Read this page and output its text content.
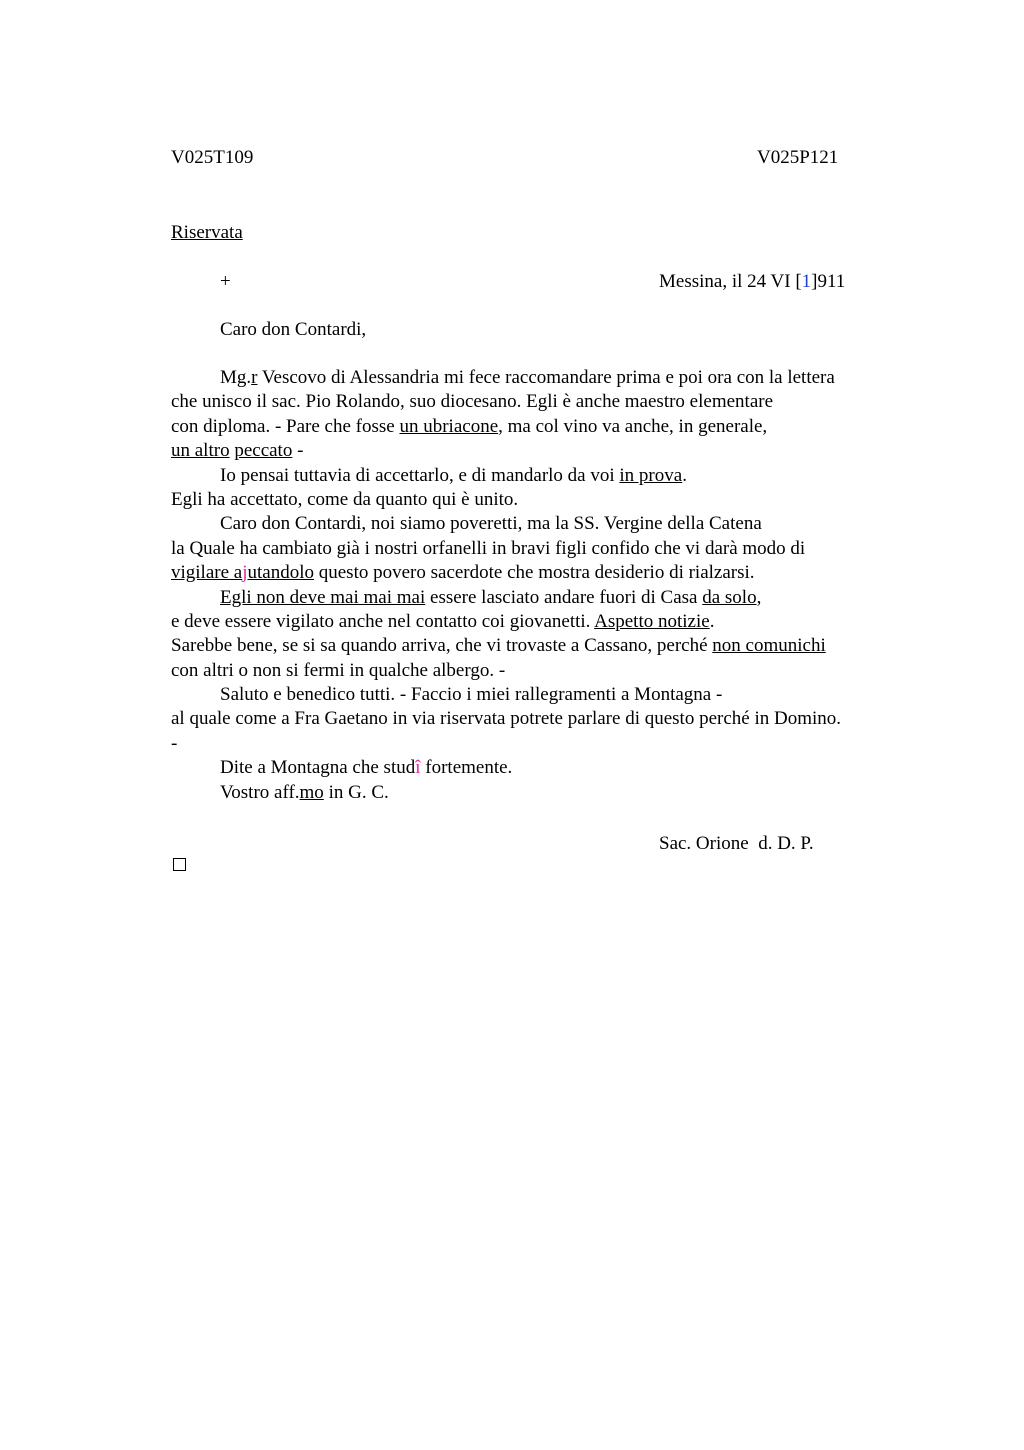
V025T109	V025P121
Riservata
+	Messina, il 24 VI [1]911
Caro don Contardi,
Mg.r Vescovo di Alessandria mi fece raccomandare prima e poi ora con la lettera
che unisco il sac. Pio Rolando, suo diocesano. Egli è anche maestro elementare
con diploma. - Pare che fosse un ubriacone, ma col vino va anche, in generale,
un altro peccato -
Io pensai tuttavia di accettarlo, e di mandarlo da voi in prova.
Egli ha accettato, come da quanto qui è unito.
Caro don Contardi, noi siamo poveretti, ma la SS. Vergine della Catena
la Quale ha cambiato già i nostri orfanelli in bravi figli confido che vi darà modo di
vigilare ajutandolo questo povero sacerdote che mostra desiderio di rialzarsi.
Egli non deve mai mai mai essere lasciato andare fuori di Casa da solo,
e deve essere vigilato anche nel contatto coi giovanetti. Aspetto notizie.
Sarebbe bene, se si sa quando arriva, che vi trovaste a Cassano, perché non comunichi
con altri o non si fermi in qualche albergo. -
Saluto e benedico tutti. - Faccio i miei rallegramenti a Montagna -
al quale come a Fra Gaetano in via riservata potrete parlare di questo perché in Domino.
-
Dite a Montagna che studî fortemente.
Vostro aff.mo in G. C.
Sac. Orione  d. D. P.
